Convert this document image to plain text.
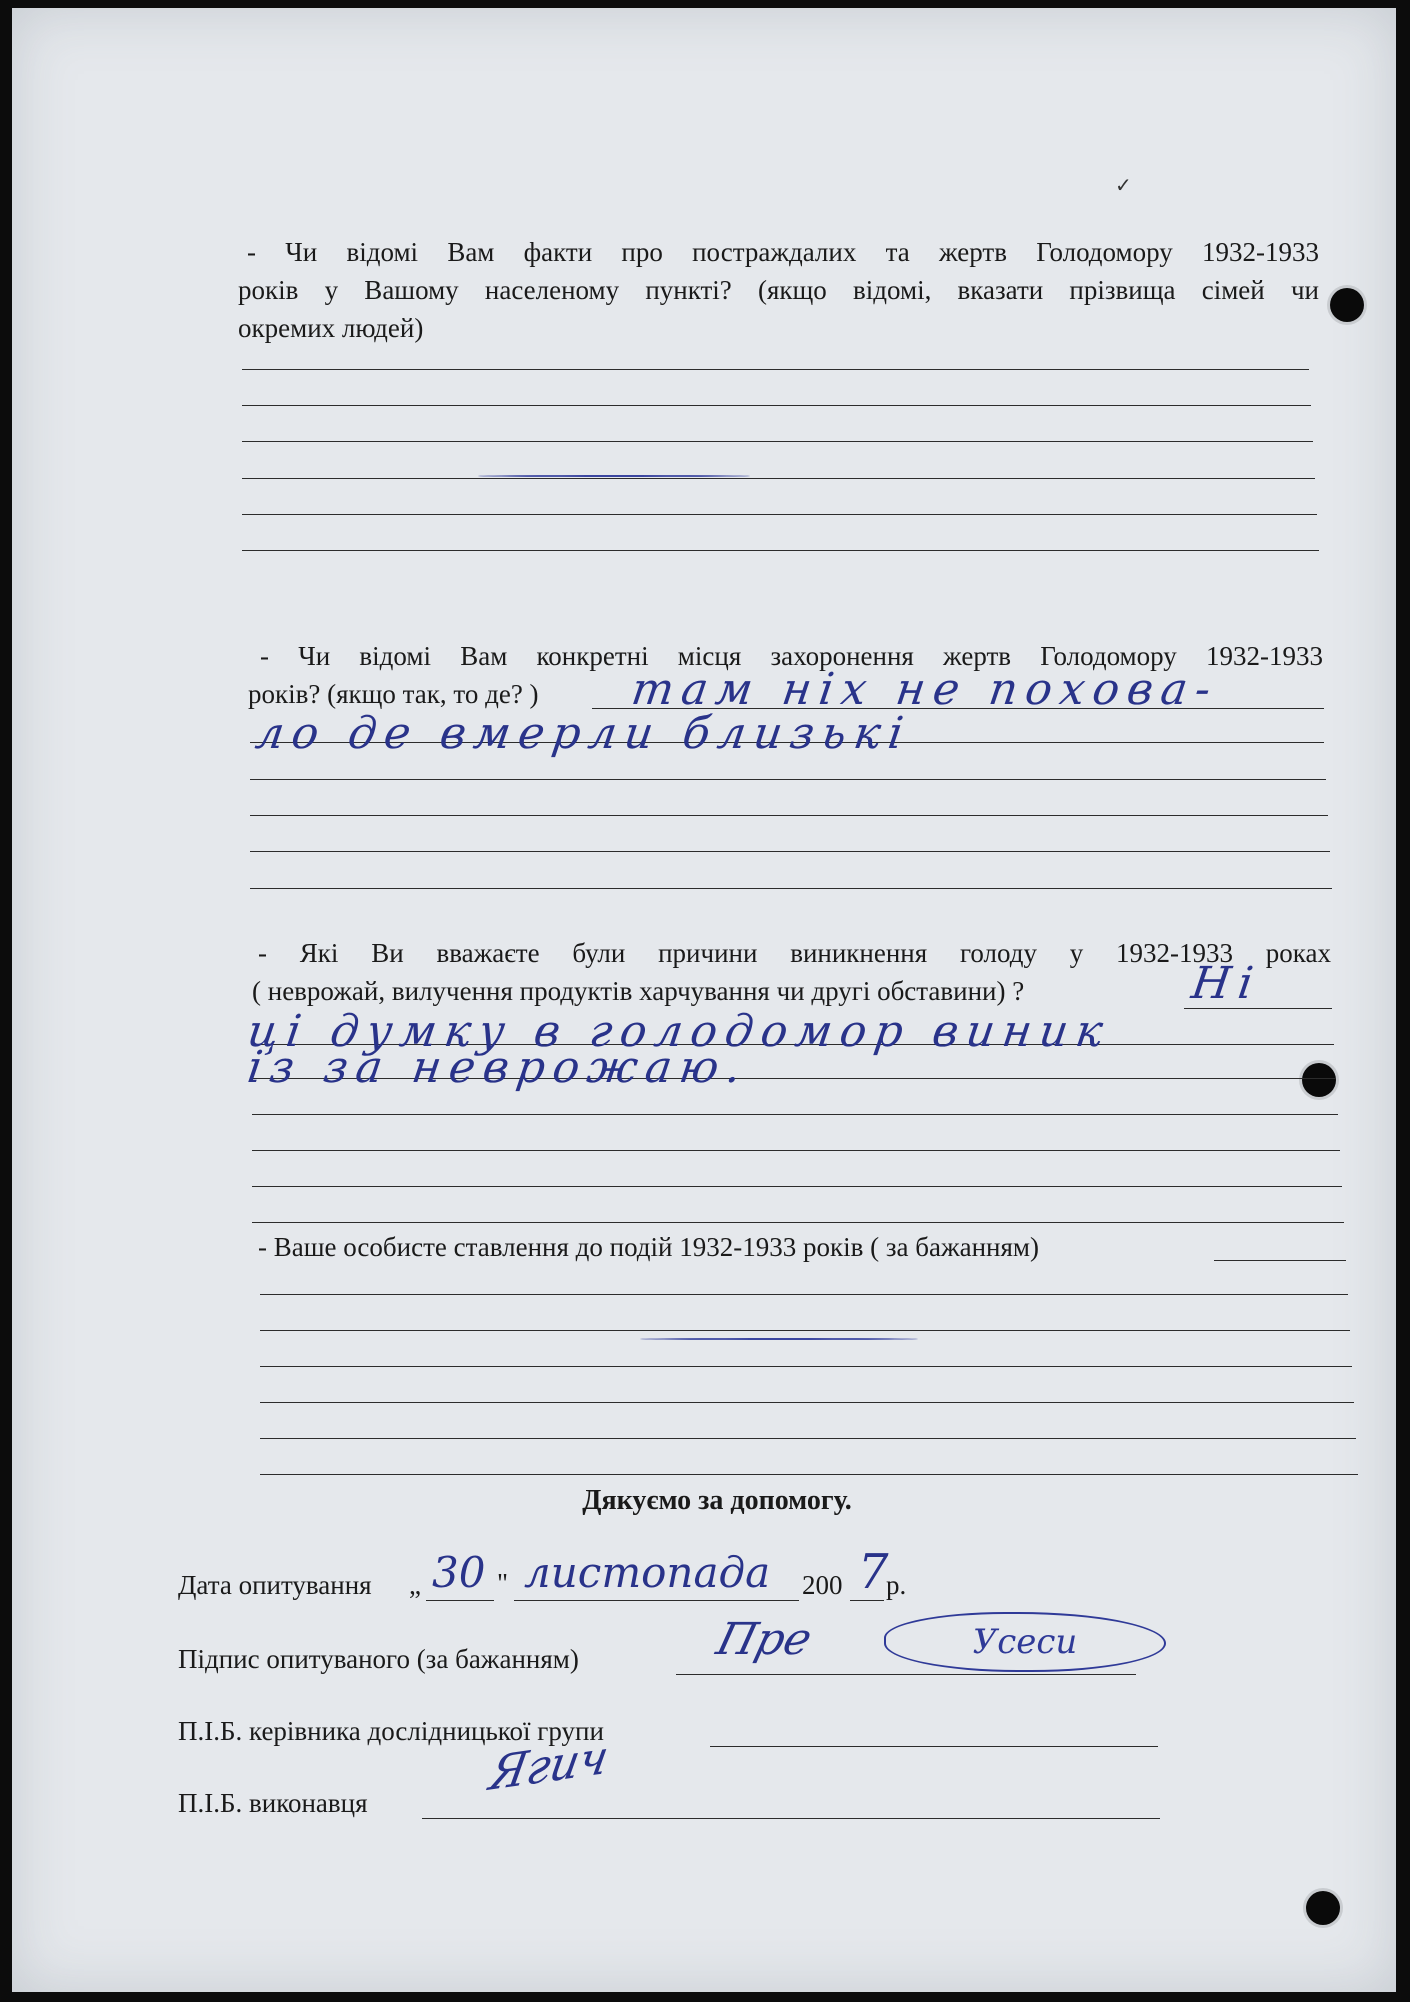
✓
- Чи відомі Вам факти про постраждалих та жертв Голодомору 1932-1933
років у Вашому населеному пункті? (якщо відомі, вказати прізвища сімей чи
окремих людей)
- Чи відомі Вам конкретні місця захоронення жертв Голодомору 1932-1933
років? (якщо так, то де? ) там ніх не похова-
ло де вмерли близькі
- Які Ви вважаєте були причини виникнення голоду у 1932-1933 роках
( неврожай, вилучення продуктів харчування чи другі обставини) ?	Ні
ці думку в голодомор виник
із за неврожаю.
- Ваше особисте ставлення до подій 1932-1933 років ( за бажанням)
Дякуємо за допомогу.
Дата опитування „ 30 " листопада 200 7
р.
Підпис опитуваного (за бажанням)	Пре	Усеси
П.І.Б. керівника дослідницької групи
П.І.Б. виконавця
Ягич
